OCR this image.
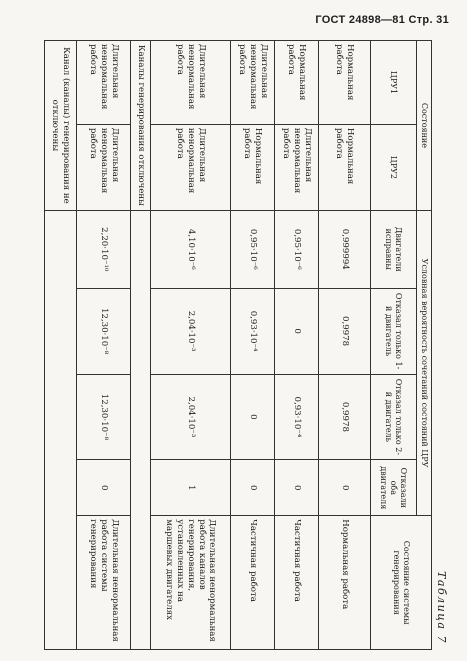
ГОСТ 24898—81 Стр. 31
Таблица 7
Состояние		Условная вероятность сочетаний состояний ЦРУ				Состояние системы генерирования
ЦРУ1	ЦРУ2	Двигатели исправны	Отказал только 1-й двигатель	Отказал только 2-й двигатель	Отказали оба двигателя	
Нормальная работа	Нормальная работа	0,999994	0,9978	0,9978	0	Нормальная работа
Нормальная работа	Длительная ненормальная работа	0,95·10⁻⁶	0	0,93·10⁻⁴	0	Частичная работа
Длительная ненормальная работа	Нормальная работа	0,95·10⁻⁶	0,93·10⁻⁴	0	0	Частичная работа
Длительная ненормальная работа	Длительная ненормальная работа	4,10·10⁻⁶	2,04·10⁻³	2,04·10⁻³	1	Длительная ненормальная работа каналов генерирования, установленных на маршевых двигателях
Каналы генерирования отключены						
Длительная ненормальная работа	Длительная ненормальная работа	2,20·10⁻¹⁰	12,30·10⁻⁸	12,30·10⁻⁸	0	Длительная ненормальная работа системы генерирования
Канал (каналы) генерирования не отключены						
